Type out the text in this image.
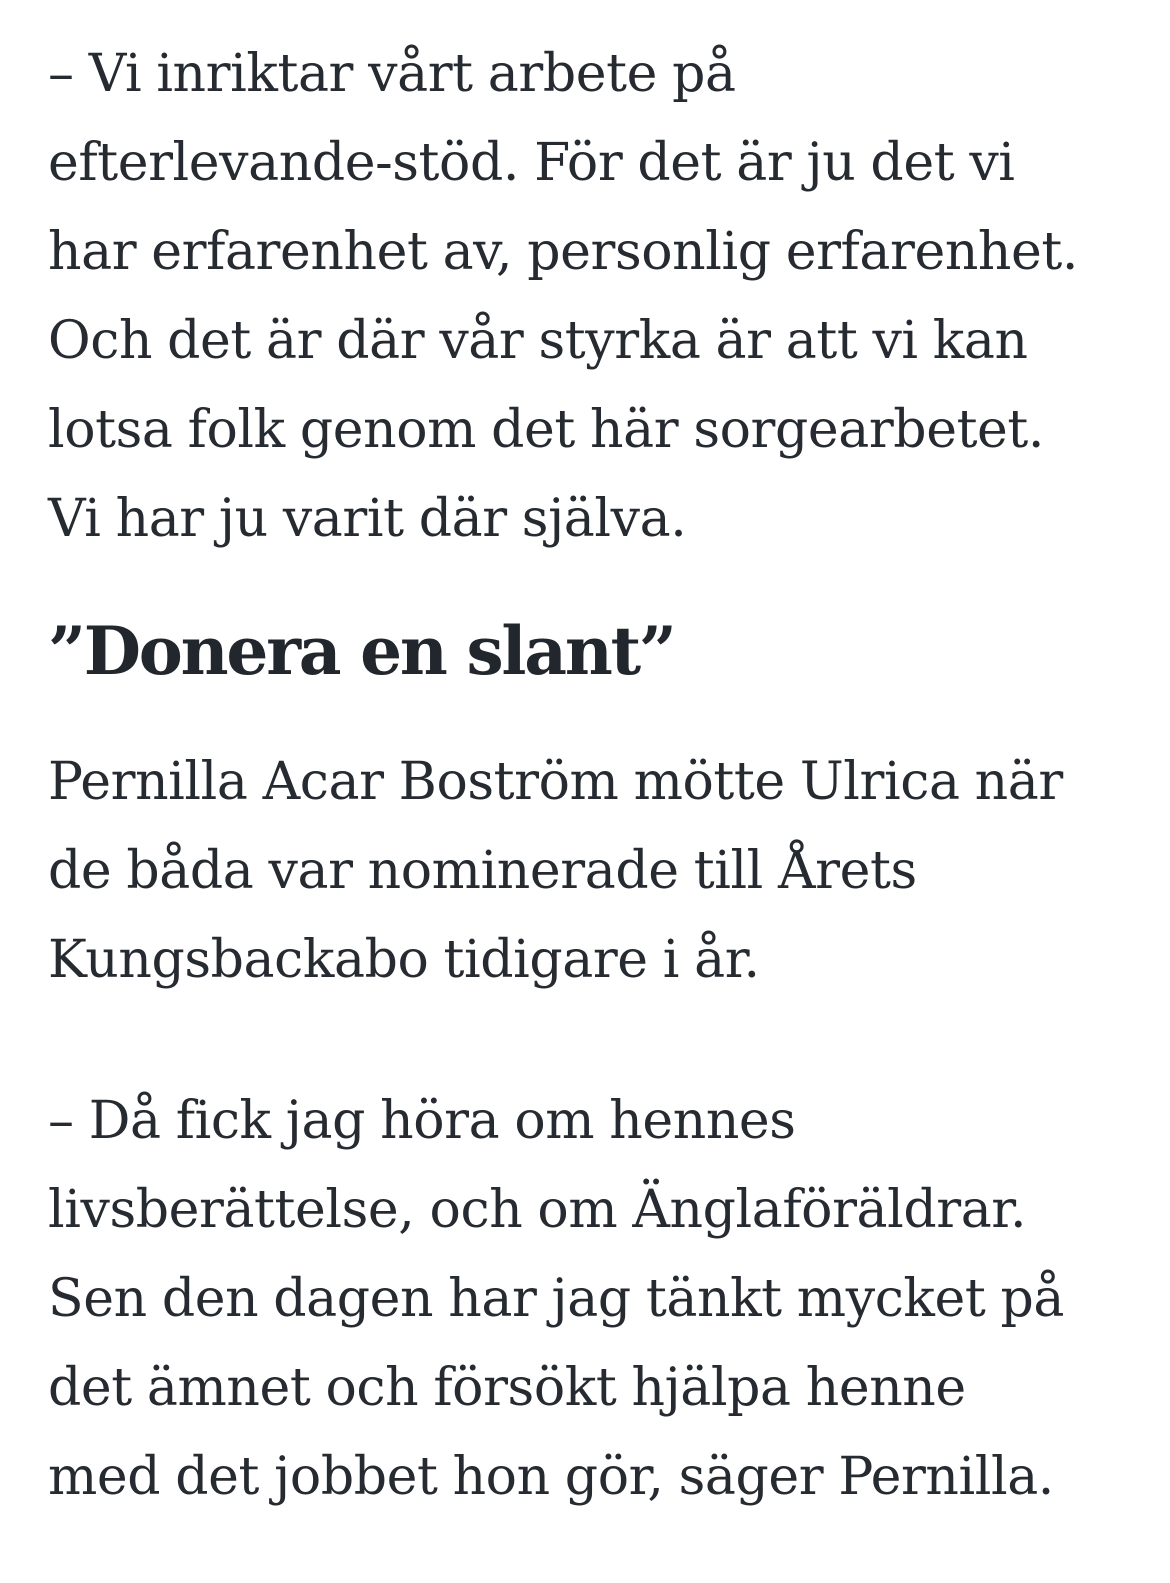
– Vi inriktar vårt arbete på
efterlevande-stöd. För det är ju det vi
har erfarenhet av, personlig erfarenhet.
Och det är där vår styrka är att vi kan
lotsa folk genom det här sorgearbetet.
Vi har ju varit där själva.

”Donera en slant”

Pernilla Acar Boström mötte Ulrica när
de båda var nominerade till Årets
Kungsbackabo tidigare i år.

– Då fick jag höra om hennes
livsberättelse, och om Änglaföräldrar.
Sen den dagen har jag tänkt mycket på
det ämnet och försökt hjälpa henne
med det jobbet hon gör, säger Pernilla.
